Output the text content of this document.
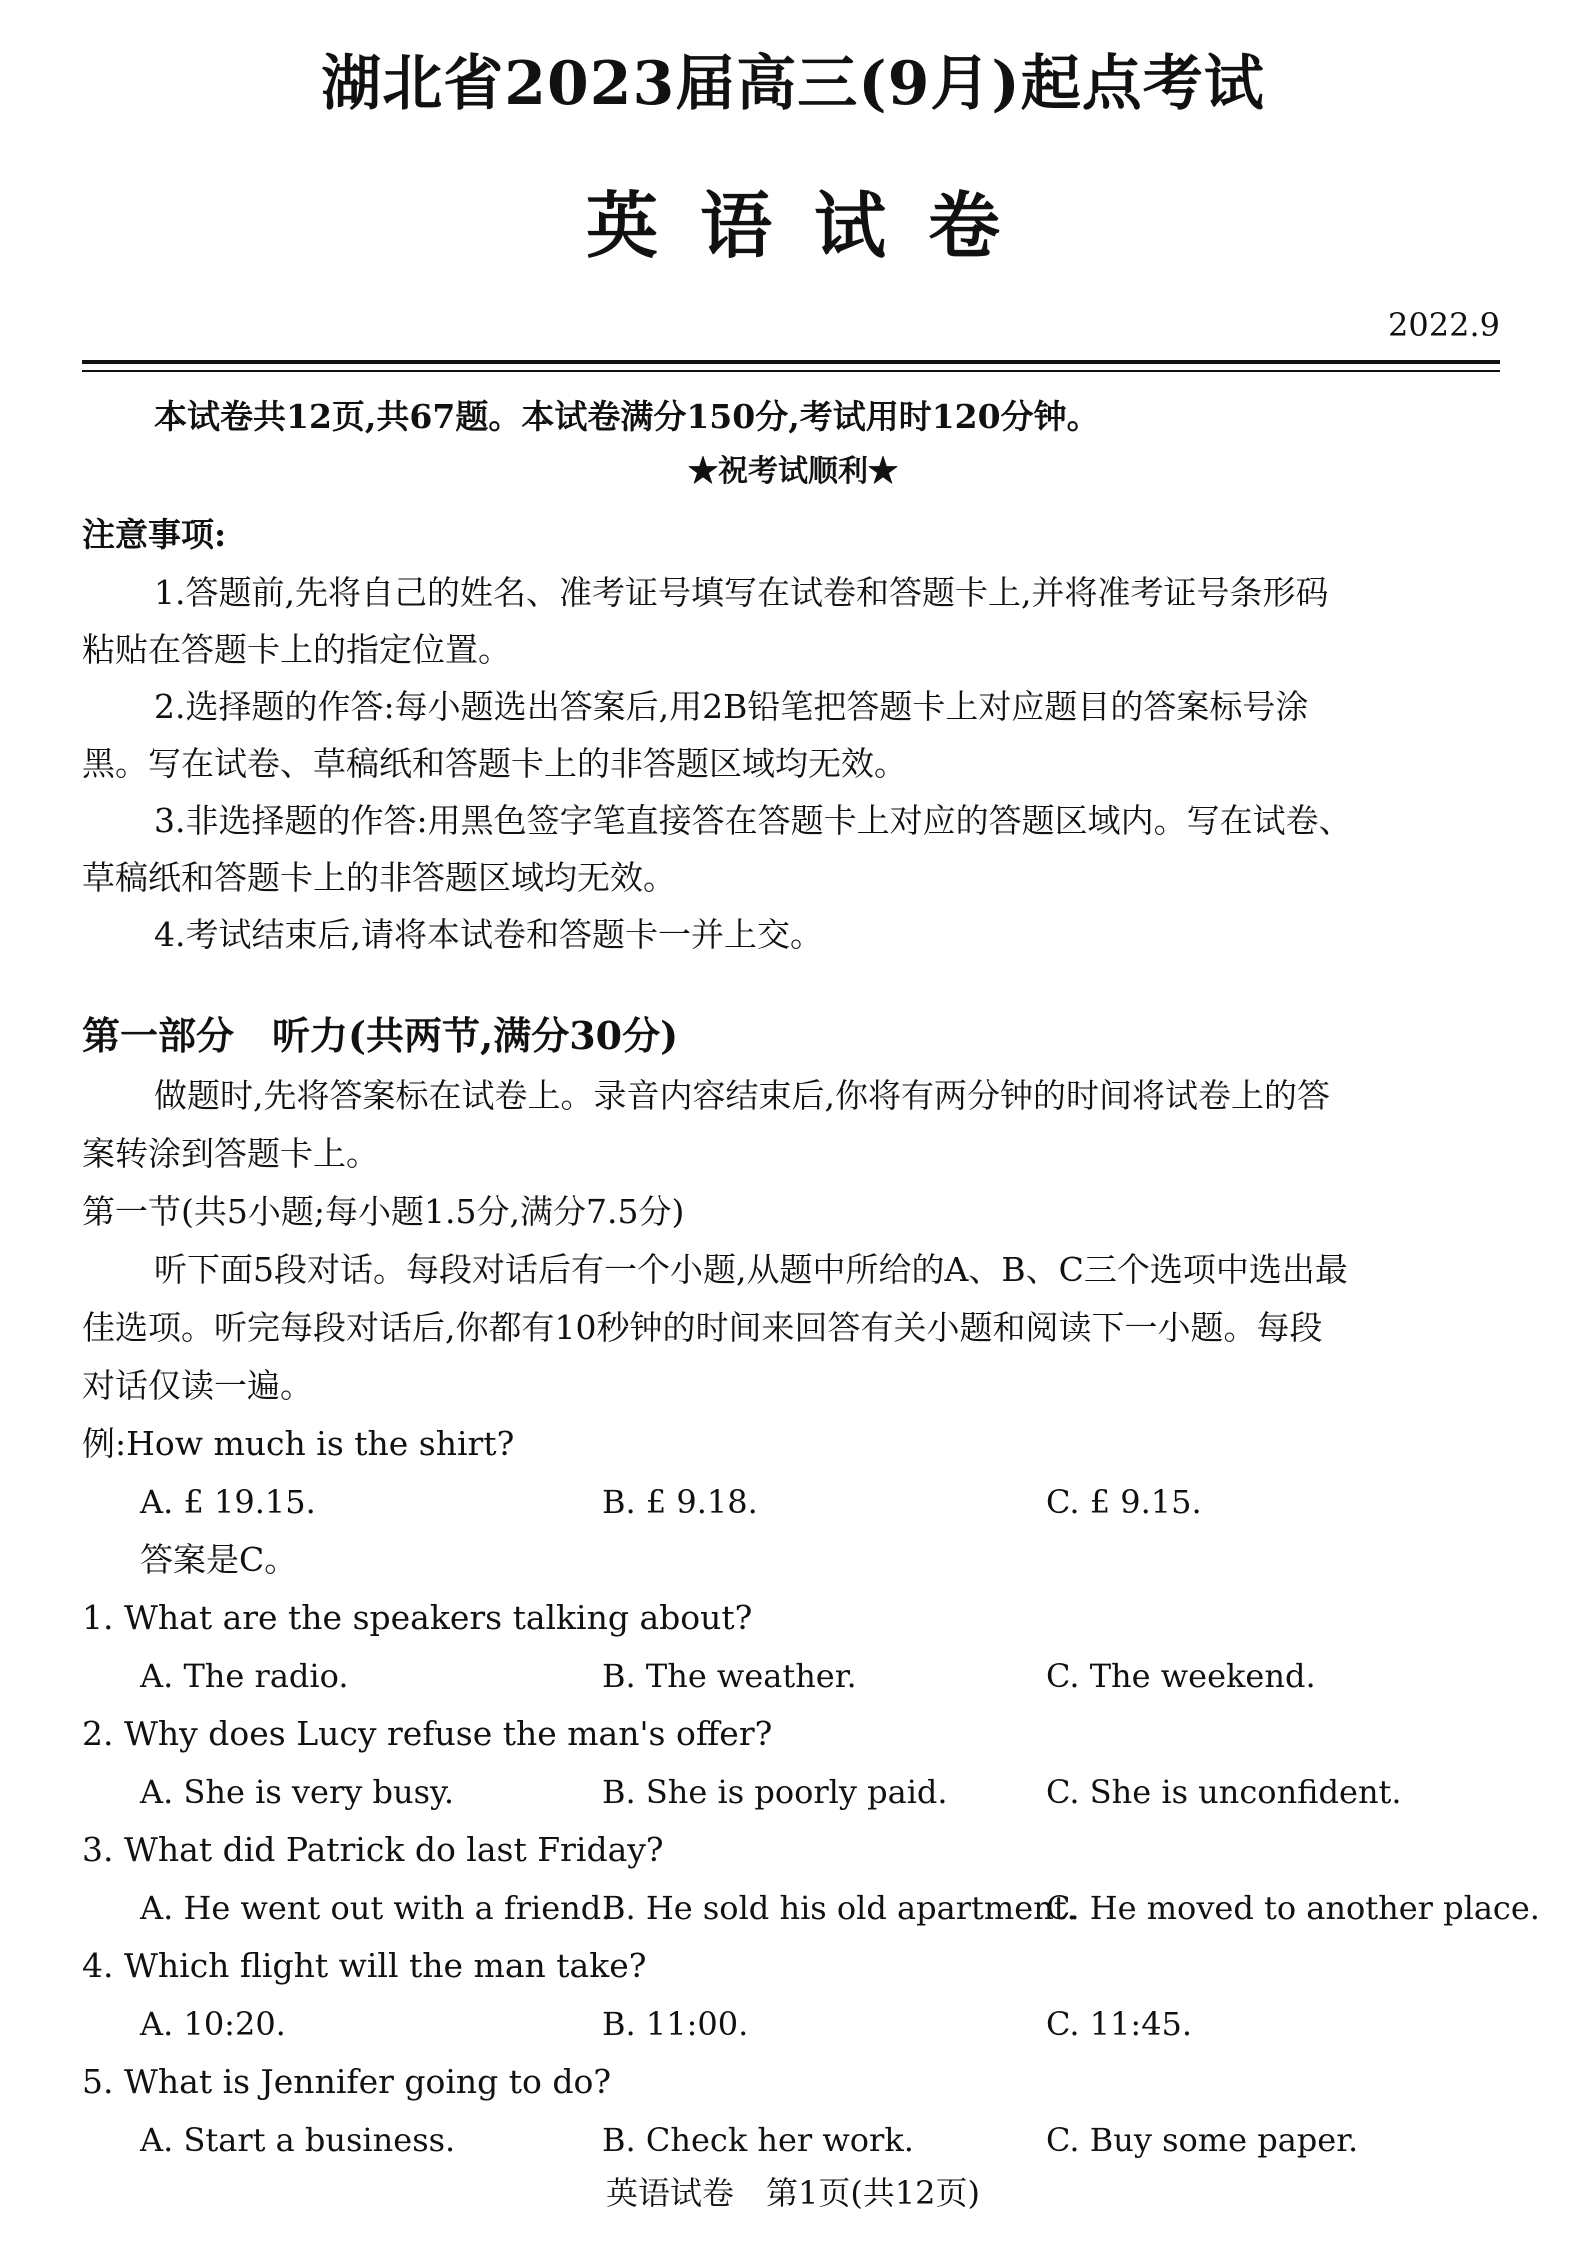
湖北省2023届高三(9月)起点考试
英语试卷
2022.9
本试卷共12页,共67题。本试卷满分150分,考试用时120分钟。
★祝考试顺利★
注意事项:
1.答题前,先将自己的姓名、准考证号填写在试卷和答题卡上,并将准考证号条形码
粘贴在答题卡上的指定位置。
2.选择题的作答:每小题选出答案后,用2B铅笔把答题卡上对应题目的答案标号涂
黑。写在试卷、草稿纸和答题卡上的非答题区域均无效。
3.非选择题的作答:用黑色签字笔直接答在答题卡上对应的答题区域内。写在试卷、
草稿纸和答题卡上的非答题区域均无效。
4.考试结束后,请将本试卷和答题卡一并上交。
第一部分　听力(共两节,满分30分)
做题时,先将答案标在试卷上。录音内容结束后,你将有两分钟的时间将试卷上的答
案转涂到答题卡上。
第一节(共5小题;每小题1.5分,满分7.5分)
听下面5段对话。每段对话后有一个小题,从题中所给的A、B、C三个选项中选出最
佳选项。听完每段对话后,你都有10秒钟的时间来回答有关小题和阅读下一小题。每段
对话仅读一遍。
例:How much is the shirt?
A. £ 19.15.	B. £ 9.18.	C. £ 9.15.
答案是C。
1. What are the speakers talking about?
A. The radio.	B. The weather.	C. The weekend.
2. Why does Lucy refuse the man's offer?
A. She is very busy.	B. She is poorly paid.	C. She is unconfident.
3. What did Patrick do last Friday?
A. He went out with a friend.
B. He sold his old apartment.
C. He moved to another place.
4. Which flight will the man take?
A. 10:20.	B. 11:00.	C. 11:45.
5. What is Jennifer going to do?
A. Start a business.	B. Check her work.	C. Buy some paper.
英语试卷　第1页(共12页)
